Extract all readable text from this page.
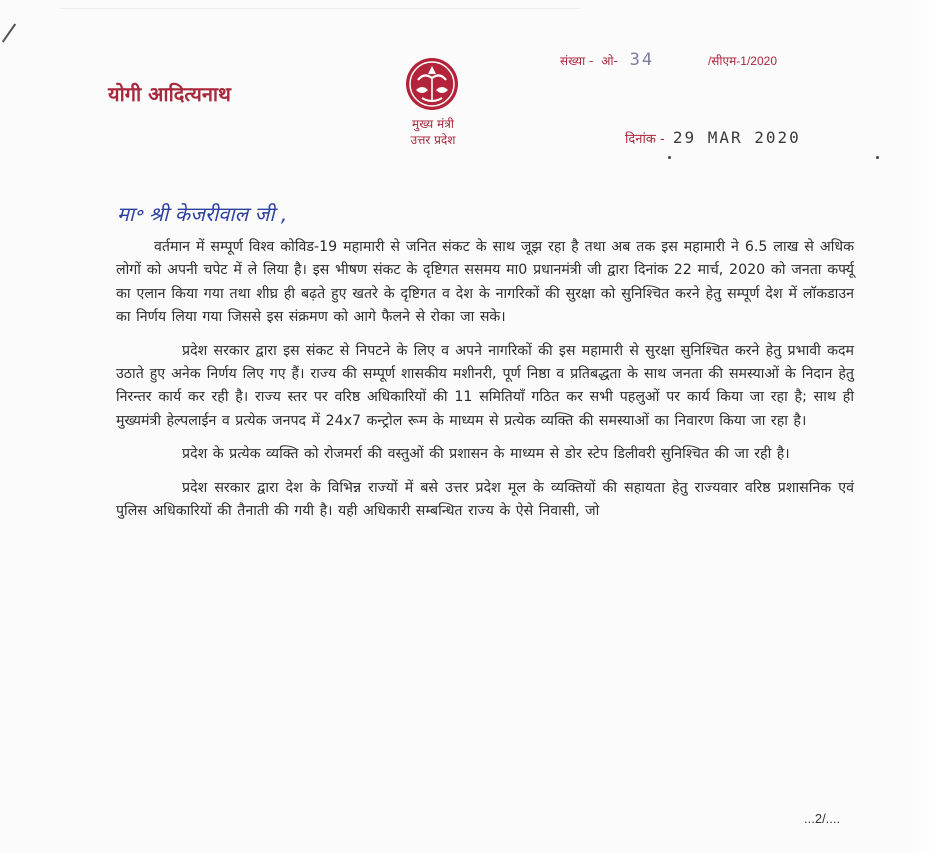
योगी आदित्यनाथ
मुख्य मंत्री
उत्तर प्रदेश
संख्या - ओ- 34	/सीएम-1/2020
दिनांक - 29 MAR 2020
मा॰ श्री केजरीवाल जी ,

वर्तमान में सम्पूर्ण विश्व कोविड-19 महामारी से जनित संकट के साथ जूझ रहा है तथा अब तक इस महामारी ने 6.5 लाख से अधिक लोगों को अपनी चपेट में ले लिया है। इस भीषण संकट के दृष्टिगत ससमय मा0 प्रधानमंत्री जी द्वारा दिनांक 22 मार्च, 2020 को जनता कर्फ्यू का एलान किया गया तथा शीघ्र ही बढ़ते हुए खतरे के दृष्टिगत व देश के नागरिकों की सुरक्षा को सुनिश्चित करने हेतु सम्पूर्ण देश में लॉकडाउन का निर्णय लिया गया जिससे इस संक्रमण को आगे फैलने से रोका जा सके।

प्रदेश सरकार द्वारा इस संकट से निपटने के लिए व अपने नागरिकों की इस महामारी से सुरक्षा सुनिश्चित करने हेतु प्रभावी कदम उठाते हुए अनेक निर्णय लिए गए हैं। राज्य की सम्पूर्ण शासकीय मशीनरी, पूर्ण निष्ठा व प्रतिबद्धता के साथ जनता की समस्याओं के निदान हेतु निरन्तर कार्य कर रही है। राज्य स्तर पर वरिष्ठ अधिकारियों की 11 समितियाँ गठित कर सभी पहलुओं पर कार्य किया जा रहा है; साथ ही मुख्यमंत्री हेल्पलाईन व प्रत्येक जनपद में 24x7 कन्ट्रोल रूम के माध्यम से प्रत्येक व्यक्ति की समस्याओं का निवारण किया जा रहा है।

प्रदेश के प्रत्येक व्यक्ति को रोजमर्रा की वस्तुओं की प्रशासन के माध्यम से डोर स्टेप डिलीवरी सुनिश्चित की जा रही है।

प्रदेश सरकार द्वारा देश के विभिन्न राज्यों में बसे उत्तर प्रदेश मूल के व्यक्तियों की सहायता हेतु राज्यवार वरिष्ठ प्रशासनिक एवं पुलिस अधिकारियों की तैनाती की गयी है। यही अधिकारी सम्बन्धित राज्य के ऐसे निवासी, जो

...2/....
